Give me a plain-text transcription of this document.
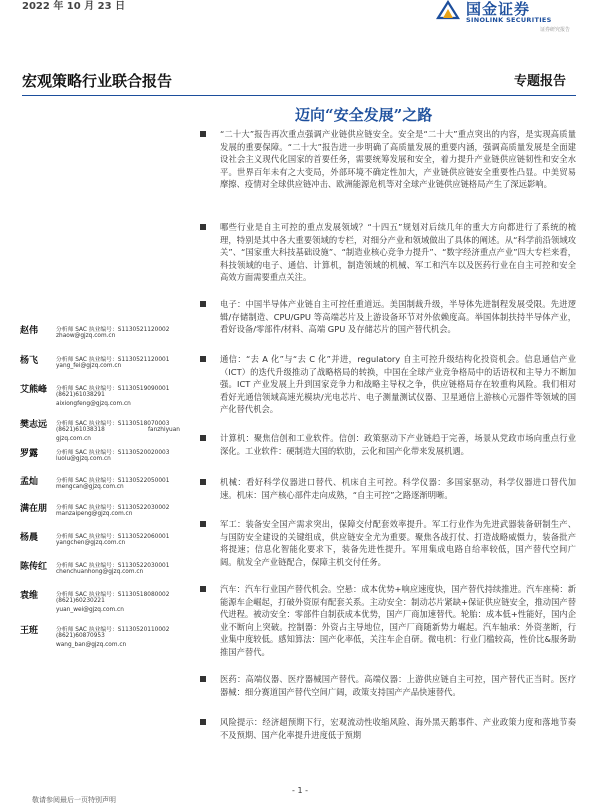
2022 年 10 月 23 日	国金证券
SINOLINK SECURITIES
证券研究报告
宏观策略行业联合报告	专题报告
迈向“安全发展”之路
“二十大”报告再次重点强调产业链供应链安全。安全是“二十大”重点突出的内容，是实现高质量发展的重要保障。“二十大”报告进一步明确了高质量发展的重要内涵，强调高质量发展是全面建设社会主义现代化国家的首要任务，需要统筹发展和安全，着力提升产业链供应链韧性和安全水平。世界百年未有之大变局，外部环境不确定性加大，产业链供应链安全重要性凸显。中美贸易摩擦、疫情对全球供应链冲击、欧洲能源危机等对全球产业链供应链格局产生了深远影响。
哪些行业是自主可控的重点发展领域？“十四五”规划对后续几年的重大方向都进行了系统的梳理，特别是其中各大重要领域的专栏，对细分产业和领域做出了具体的阐述。从“科学前沿领域攻关”、“国家重大科技基础设施”、“制造业核心竞争力提升”、“数字经济重点产业”四大专栏来看，科技领域的电子、通信、计算机，制造领域的机械、军工和汽车以及医药行业在自主可控和安全高效方面需要重点关注。
电子：中国半导体产业链自主可控任重道远。美国制裁升级，半导体先进制程发展受限。先进逻辑/存储制造、CPU/GPU 等高端芯片及上游设备环节对外依赖度高。举国体制扶持半导体产业，看好设备/零部件/材料、高端 GPU 及存储芯片的国产替代机会。
通信：“去 A 化”与“去 C 化”并进，regulatory 自主可控升级结构化投资机会。信息通信产业（ICT）的迭代升级推动了战略格局的转换，中国在全球产业竞争格局中的话语权和主导力不断加强。ICT 产业发展上升到国家竞争力和战略主导权之争，供应链格局存在较重构风险。我们相对看好光通信领域高速光模块/光电芯片、电子测量测试仪器、卫星通信上游核心元器件等领域的国产化替代机会。
计算机：聚焦信创和工业软件。信创：政策驱动下产业链趋于完善，场景从党政市场向重点行业深化。工业软件：硬制造大国的软肋，云化和国产化带来发展机遇。
机械：看好科学仪器进口替代、机床自主可控。科学仪器：多国家驱动，科学仪器进口替代加速。机床：国产核心部件走向成熟，“自主可控”之路逐渐明晰。
军工：装备安全国产需求突出，保障交付配套效率提升。军工行业作为先进武器装备研制生产、与国防安全建设的关键组成，供应链安全尤为重要。聚焦各战打仗、打造战略威慑力，装备批产将提速；信息化智能化要求下，装备先进性提升。军用集成电路自给率较低，国产替代空间广阔。航发全产业链配合，保障主机交付任务。
汽车：汽车行业国产替代机会。空悬：成本优势+响应速度快，国产替代持续推进。汽车座椅：新能源车企崛起，打破外资原有配套关系。主动安全：制动芯片紧缺+保证供应链安全，推动国产替代进程。被动安全：零部件自制获成本优势，国产厂商加速替代。轮胎：成本低+性能好，国内企业不断向上突破。控制器：外资占主导地位，国产厂商随新势力崛起。汽车轴承：外资垄断，行业集中度较低。感知算法：国产化率低，关注车企自研。微电机：行业门槛较高，性价比&服务助推国产替代。
医药：高端仪器、医疗器械国产替代。高端仪器：上游供应链自主可控，国产替代正当时。医疗器械：细分赛道国产替代空间广阔，政策支持国产产品快速替代。
风险提示：经济超预期下行，宏观流动性收缩风险、海外黑天鹅事件、产业政策力度和落地节奏不及预期、国产化率提升进度低于预期
赵伟	分析师 SAC 执业编号：S1130521120002
zhaow@gjzq.com.cn
杨飞	分析师 SAC 执业编号：S1130521120001
yang_fei@gjzq.com.cn
艾熊峰 分析师 SAC 执业编号：S1130519090001
(8621)61038291
aixiongfeng@gjzq.com.cn
樊志远 分析师 SAC 执业编号：S1130518070003
(8621)61038318	fanzhiyuan
gjzq.com.cn
罗露	分析师 SAC 执业编号：S1130520020003
luolu@gjzq.com.cn
孟灿	分析师 SAC 执业编号：S1130522050001
mengcan@gjzq.com.cn
满在朋 分析师 SAC 执业编号：S1130522030002
manzaipeng@gjzq.com.cn
杨晨	分析师 SAC 执业编号：S1130522060001
yangchen@gjzq.com.cn
陈传红 分析师 SAC 执业编号：S1130522030001
chenchuanhong@gjzq.com.cn
袁维	分析师 SAC 执业编号：S1130518080002
(8621)60230221
yuan_wei@gjzq.com.cn
王班	分析师 SAC 执业编号：S1130520110002
(8621)60870953
wang_ban@gjzq.com.cn
- 1 -
敬请参阅最后一页特别声明
